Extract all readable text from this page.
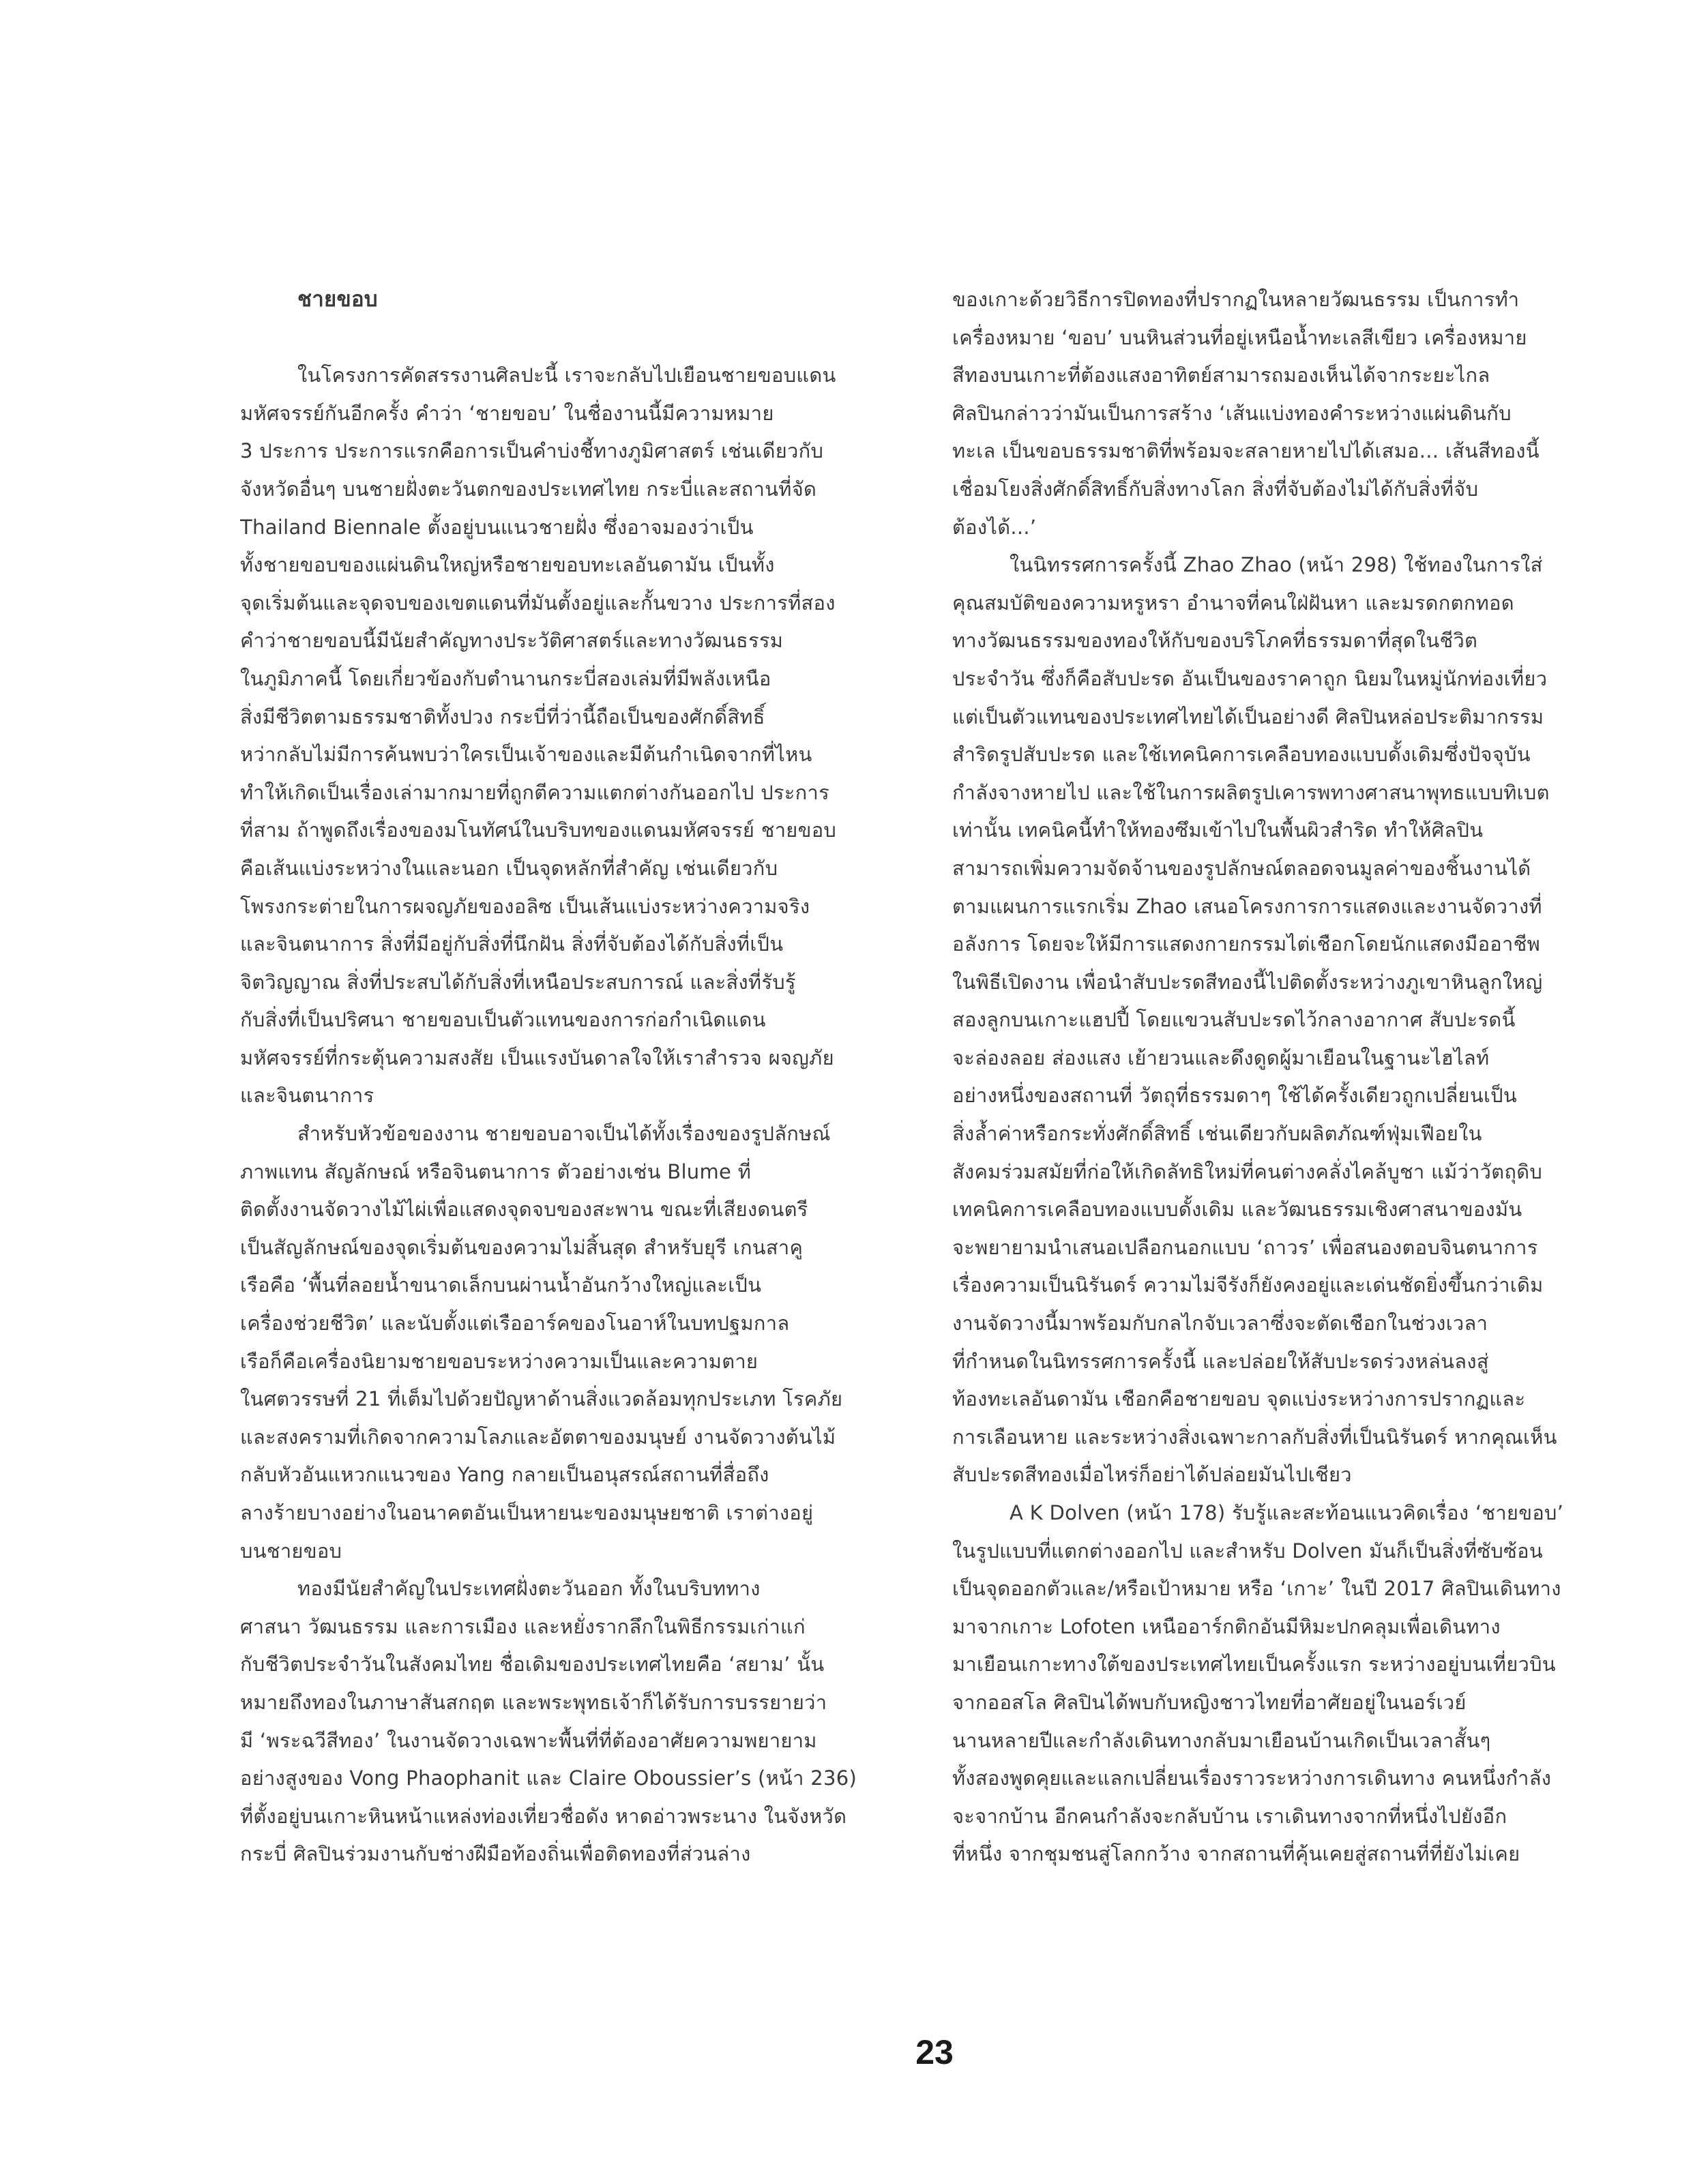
ชายขอบ
ในโครงการคัดสรรงานศิลปะนี้ เราจะกลับไปเยือนชายขอบแดน
มหัศจรรย์กันอีกครั้ง คำว่า ‘ชายขอบ’ ในชื่องานนี้มีความหมาย
3 ประการ ประการแรกคือการเป็นคำบ่งชี้ทางภูมิศาสตร์ เช่นเดียวกับ
จังหวัดอื่นๆ บนชายฝั่งตะวันตกของประเทศไทย กระบี่และสถานที่จัด
Thailand Biennale ตั้งอยู่บนแนวชายฝั่ง ซึ่งอาจมองว่าเป็น
ทั้งชายขอบของแผ่นดินใหญ่หรือชายขอบทะเลอันดามัน เป็นทั้ง
จุดเริ่มต้นและจุดจบของเขตแดนที่มันตั้งอยู่และกั้นขวาง ประการที่สอง
คำว่าชายขอบนี้มีนัยสำคัญทางประวัติศาสตร์และทางวัฒนธรรม
ในภูมิภาคนี้ โดยเกี่ยวข้องกับตำนานกระบี่สองเล่มที่มีพลังเหนือ
สิ่งมีชีวิตตามธรรมชาติทั้งปวง กระบี่ที่ว่านี้ถือเป็นของศักดิ์สิทธิ์
หว่ากลับไม่มีการค้นพบว่าใครเป็นเจ้าของและมีต้นกำเนิดจากที่ไหน
ทำให้เกิดเป็นเรื่องเล่ามากมายที่ถูกตีความแตกต่างกันออกไป ประการ
ที่สาม ถ้าพูดถึงเรื่องของมโนทัศน์ในบริบทของแดนมหัศจรรย์ ชายขอบ
คือเส้นแบ่งระหว่างในและนอก เป็นจุดหลักที่สำคัญ เช่นเดียวกับ
โพรงกระต่ายในการผจญภัยของอลิซ เป็นเส้นแบ่งระหว่างความจริง
และจินตนาการ สิ่งที่มีอยู่กับสิ่งที่นึกฝัน สิ่งที่จับต้องได้กับสิ่งที่เป็น
จิตวิญญาณ สิ่งที่ประสบได้กับสิ่งที่เหนือประสบการณ์ และสิ่งที่รับรู้
กับสิ่งที่เป็นปริศนา ชายขอบเป็นตัวแทนของการก่อกำเนิดแดน
มหัศจรรย์ที่กระตุ้นความสงสัย เป็นแรงบันดาลใจให้เราสำรวจ ผจญภัย
และจินตนาการ
สำหรับหัวข้อของงาน ชายขอบอาจเป็นได้ทั้งเรื่องของรูปลักษณ์
ภาพแทน สัญลักษณ์ หรือจินตนาการ ตัวอย่างเช่น Blume ที่
ติดตั้งงานจัดวางไม้ไผ่เพื่อแสดงจุดจบของสะพาน ขณะที่เสียงดนตรี
เป็นสัญลักษณ์ของจุดเริ่มต้นของความไม่สิ้นสุด สำหรับยุรี เกนสาคู
เรือคือ ‘พื้นที่ลอยน้ำขนาดเล็กบนผ่านน้ำอันกว้างใหญ่และเป็น
เครื่องช่วยชีวิต’ และนับตั้งแต่เรืออาร์คของโนอาห์ในบทปฐมกาล
เรือก็คือเครื่องนิยามชายขอบระหว่างความเป็นและความตาย
ในศตวรรษที่ 21 ที่เต็มไปด้วยปัญหาด้านสิ่งแวดล้อมทุกประเภท โรคภัย
และสงครามที่เกิดจากความโลภและอัตตาของมนุษย์ งานจัดวางต้นไม้
กลับหัวอันแหวกแนวของ Yang กลายเป็นอนุสรณ์สถานที่สื่อถึง
ลางร้ายบางอย่างในอนาคตอันเป็นหายนะของมนุษยชาติ เราต่างอยู่
บนชายขอบ
ทองมีนัยสำคัญในประเทศฝั่งตะวันออก ทั้งในบริบททาง
ศาสนา วัฒนธรรม และการเมือง และหยั่งรากลึกในพิธีกรรมเก่าแก่
กับชีวิตประจำวันในสังคมไทย ชื่อเดิมของประเทศไทยคือ ‘สยาม’ นั้น
หมายถึงทองในภาษาสันสกฤต และพระพุทธเจ้าก็ได้รับการบรรยายว่า
มี ‘พระฉวีสีทอง’ ในงานจัดวางเฉพาะพื้นที่ที่ต้องอาศัยความพยายาม
อย่างสูงของ Vong Phaophanit และ Claire Oboussier’s (หน้า 236)
ที่ตั้งอยู่บนเกาะหินหน้าแหล่งท่องเที่ยวชื่อดัง หาดอ่าวพระนาง ในจังหวัด
กระบี่ ศิลปินร่วมงานกับช่างฝีมือท้องถิ่นเพื่อติดทองที่ส่วนล่าง
ของเกาะด้วยวิธีการปิดทองที่ปรากฏในหลายวัฒนธรรม เป็นการทำ
เครื่องหมาย ‘ขอบ’ บนหินส่วนที่อยู่เหนือน้ำทะเลสีเขียว เครื่องหมาย
สีทองบนเกาะที่ต้องแสงอาทิตย์สามารถมองเห็นได้จากระยะไกล
ศิลปินกล่าวว่ามันเป็นการสร้าง ‘เส้นแบ่งทองคำระหว่างแผ่นดินกับ
ทะเล เป็นขอบธรรมชาติที่พร้อมจะสลายหายไปได้เสมอ... เส้นสีทองนี้
เชื่อมโยงสิ่งศักดิ์สิทธิ์กับสิ่งทางโลก สิ่งที่จับต้องไม่ได้กับสิ่งที่จับ
ต้องได้...’
ในนิทรรศการครั้งนี้ Zhao Zhao (หน้า 298) ใช้ทองในการใส่
คุณสมบัติของความหรูหรา อำนาจที่คนใฝ่ฝันหา และมรดกตกทอด
ทางวัฒนธรรมของทองให้กับของบริโภคที่ธรรมดาที่สุดในชีวิต
ประจำวัน ซึ่งก็คือสับปะรด อันเป็นของราคาถูก นิยมในหมู่นักท่องเที่ยว
แต่เป็นตัวแทนของประเทศไทยได้เป็นอย่างดี ศิลปินหล่อประติมากรรม
สำริดรูปสับปะรด และใช้เทคนิคการเคลือบทองแบบดั้งเดิมซึ่งปัจจุบัน
กำลังจางหายไป และใช้ในการผลิตรูปเคารพทางศาสนาพุทธแบบทิเบต
เท่านั้น เทคนิคนี้ทำให้ทองซึมเข้าไปในพื้นผิวสำริด ทำให้ศิลปิน
สามารถเพิ่มความจัดจ้านของรูปลักษณ์ตลอดจนมูลค่าของชิ้นงานได้
ตามแผนการแรกเริ่ม Zhao เสนอโครงการการแสดงและงานจัดวางที่
อลังการ โดยจะให้มีการแสดงกายกรรมไต่เชือกโดยนักแสดงมืออาชีพ
ในพิธีเปิดงาน เพื่อนำสับปะรดสีทองนี้ไปติดตั้งระหว่างภูเขาหินลูกใหญ่
สองลูกบนเกาะแฮปปี้ โดยแขวนสับปะรดไว้กลางอากาศ สับปะรดนี้
จะล่องลอย ส่องแสง เย้ายวนและดึงดูดผู้มาเยือนในฐานะไฮไลท์
อย่างหนึ่งของสถานที่ วัตถุที่ธรรมดาๆ ใช้ได้ครั้งเดียวถูกเปลี่ยนเป็น
สิ่งล้ำค่าหรือกระทั่งศักดิ์สิทธิ์ เช่นเดียวกับผลิตภัณฑ์ฟุ่มเฟือยใน
สังคมร่วมสมัยที่ก่อให้เกิดลัทธิใหม่ที่คนต่างคลั่งไคล้บูชา แม้ว่าวัตถุดิบ
เทคนิคการเคลือบทองแบบดั้งเดิม และวัฒนธรรมเชิงศาสนาของมัน
จะพยายามนำเสนอเปลือกนอกแบบ ‘ถาวร’ เพื่อสนองตอบจินตนาการ
เรื่องความเป็นนิรันดร์ ความไม่จีรังก็ยังคงอยู่และเด่นชัดยิ่งขึ้นกว่าเดิม
งานจัดวางนี้มาพร้อมกับกลไกจับเวลาซึ่งจะตัดเชือกในช่วงเวลา
ที่กำหนดในนิทรรศการครั้งนี้ และปล่อยให้สับปะรดร่วงหล่นลงสู่
ท้องทะเลอันดามัน เชือกคือชายขอบ จุดแบ่งระหว่างการปรากฏและ
การเลือนหาย และระหว่างสิ่งเฉพาะกาลกับสิ่งที่เป็นนิรันดร์ หากคุณเห็น
สับปะรดสีทองเมื่อไหร่ก็อย่าได้ปล่อยมันไปเชียว
A K Dolven (หน้า 178) รับรู้และสะท้อนแนวคิดเรื่อง ‘ชายขอบ’
ในรูปแบบที่แตกต่างออกไป และสำหรับ Dolven มันก็เป็นสิ่งที่ซับซ้อน
เป็นจุดออกตัวและ/หรือเป้าหมาย หรือ ‘เกาะ’ ในปี 2017 ศิลปินเดินทาง
มาจากเกาะ Lofoten เหนืออาร์กติกอันมีหิมะปกคลุมเพื่อเดินทาง
มาเยือนเกาะทางใต้ของประเทศไทยเป็นครั้งแรก ระหว่างอยู่บนเที่ยวบิน
จากออสโล ศิลปินได้พบกับหญิงชาวไทยที่อาศัยอยู่ในนอร์เวย์
นานหลายปีและกำลังเดินทางกลับมาเยือนบ้านเกิดเป็นเวลาสั้นๆ
ทั้งสองพูดคุยและแลกเปลี่ยนเรื่องราวระหว่างการเดินทาง คนหนึ่งกำลัง
จะจากบ้าน อีกคนกำลังจะกลับบ้าน เราเดินทางจากที่หนึ่งไปยังอีก
ที่หนึ่ง จากชุมชนสู่โลกกว้าง จากสถานที่คุ้นเคยสู่สถานที่ที่ยังไม่เคย
23
